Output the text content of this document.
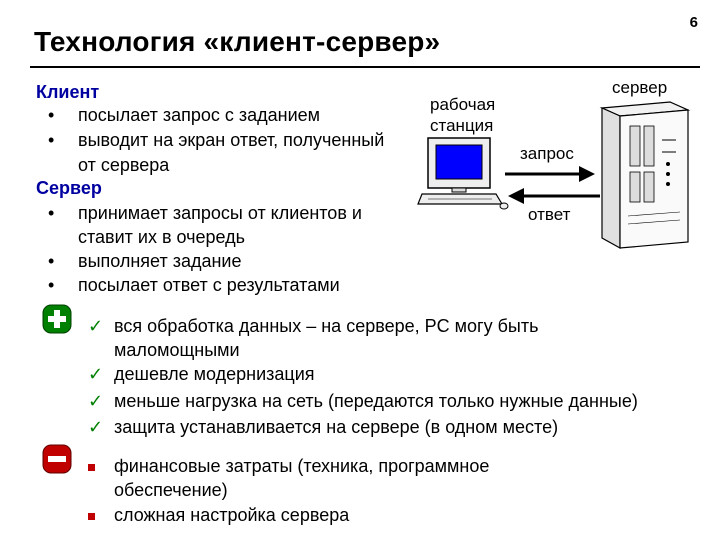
6
Технология «клиент-сервер»
Клиент
• посылает запрос с заданием
• выводит на экран ответ, полученный
от сервера
Сервер
• принимает запросы от клиентов и
ставит их в очередь
• выполняет задание
• посылает ответ с результатами
рабочая
станция
сервер
запрос
ответ
✓ вся обработка данных – на сервере, PC могу быть
маломощными
✓ дешевле модернизация
✓ меньше нагрузка на сеть (передаются только нужные данные)
✓ защита устанавливается на сервере (в одном месте)
финансовые затраты (техника, программное
обеспечение)
сложная настройка сервера
